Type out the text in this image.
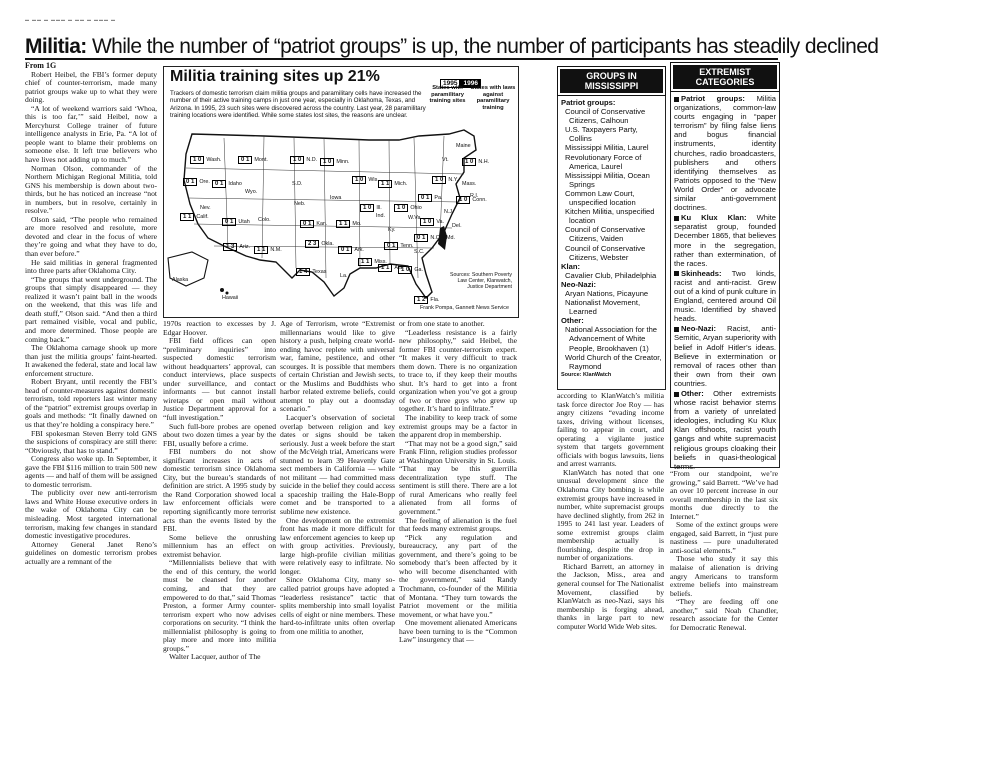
▬ ▬▬ ▬ ▬▬▬ ▬ ▬▬ ▬ ▬▬▬ ▬
Militia: While the number of “patriot groups” is up, the number of participants has steadily declined
From 1G

Robert Heibel, the FBI’s former deputy chief of counter-terrorism, made many patriot groups wake up to what they were doing.

“A lot of weekend warriors said ‘Whoa, this is too far,’” said Heibel, now a Mercyhurst College trainer of future intelligence analysts in Erie, Pa. “A lot of people want to blame their problems on someone else. It left true believers who have lives not adding up to much.”

Norman Olson, commander of the Northern Michigan Regional Militia, told GNS his membership is down about two-thirds, but he has noticed an increase “not in numbers, but in resolve, certainly in resolve.”

Olson said, “The people who remained are more resolved and resolute, more devoted and clear in the focus of where they’re going and what they have to do, than ever before.”

He said militias in general fragmented into three parts after Oklahoma City.

“The groups that went underground. The groups that simply disappeared — they realized it wasn’t paint ball in the woods on the weekend, that this was life and death stuff,” Olson said. “And then a third part remained visible, vocal and public, and more determined. Those people are coming back.”

The Oklahoma carnage shook up more than just the militia groups’ faint-hearted. It awakened the federal, state and local law enforcement structure.

Robert Bryant, until recently the FBI’s head of counter-measures against domestic terrorism, told reporters last winter many of the “patriot” extremist groups overlap in goals and methods: “It finally dawned on us that they’re holding a conspiracy here.”

FBI spokesman Steven Berry told GNS the suspicions of conspiracy are still there: “Obviously, that has to stand.”

Congress also woke up. In September, it gave the FBI $116 million to train 500 new agents — and half of them will be assigned to domestic terrorism.

The publicity over new anti-terrorism laws and White House executive orders in the wake of Oklahoma City can be misleading. Most targeted international terrorism, making few changes in standard domestic investigative procedures.

Attorney General Janet Reno’s guidelines on domestic terrorism probes actually are a remnant of the

Militia training sites up 21%
Trackers of domestic terrorism claim militia groups and paramilitary cells have increased the number of their active training camps in just one year, especially in Oklahoma, Texas, and Arizona. In 1995, 23 such sites were discovered across the country. Last year, 28 paramilitary training locations were identified. While some states lost sites, the reasons are unclear.
1995 1996
States with paramilitary training sites
States with laws against paramilitary training
1 0 Wash.
0 1 Ore.
1 1 Calif.
0 1 Idaho
Nev.
0 1 Mont.
0 1 Utah
1 3 Ariz.
Wyo.
Colo.
1 1 N.M.
1 0 N.D.
S.D.
Neb.
0 1 Kan.
2 3 Okla.
1 4 Texas
1 0 Minn.
Iowa
1 1 Mo.
0 1 Ark.
La.
1 0 Wis.
1 0 Ill.
1 1 Mich.
Ind.
1 0 Ohio
Ky.
0 1 Tenn.
1 1 Miss.
1 1 Ala.
1 0 Ga.
1 2 Fla.
S.C.
0 1 N.C.
1 0 Va.
W.Va.
0 1 Pa.
1 0 N.Y.
Vt.
Maine
1 0 N.H.
Mass.
R.I.
1 0 Conn.
N.J.
Del.
Md.
Alaska
Hawaii
Sources: Southern Poverty Law Center, Klanwatch, Justice Department
Frank Pompa, Gannett News Service

1970s reaction to excesses by J. Edgar Hoover.

FBI field offices can open “preliminary inquiries” into suspected domestic terrorism without headquarters’ approval, can conduct interviews, place suspects under surveillance, and contact informants — but cannot install wiretaps or open mail without Justice Department approval for a “full investigation.”

Such full-bore probes are opened about two dozen times a year by the FBI, usually before a crime.

FBI numbers do not show significant increases in acts of domestic terrorism since Oklahoma City, but the bureau’s standards of definition are strict. A 1995 study by the Rand Corporation showed local law enforcement officials were reporting significantly more terrorist acts than the events listed by the FBI.

Some believe the onrushing millennium has an effect on extremist behavior.

“Millennialists believe that with the end of this century, the world must be cleansed for another coming, and that they are empowered to do that,” said Thomas Preston, a former Army counter-terrorism expert who now advises corporations on security. “I think the millennialist philosophy is going to play more and more into militia groups.”

Walter Lacquer, author of The

Age of Terrorism, wrote “Extremist millennarians would like to give history a push, helping create world-ending havoc replete with universal war, famine, pestilence, and other scourges. It is possible that members of certain Christian and Jewish sects, or the Muslims and Buddhists who harbor related extreme beliefs, could attempt to play out a doomsday scenario.”

Lacquer’s observation of societal overlap between religion and key dates or signs should be taken seriously. Just a week before the start of the McVeigh trial, Americans were stunned to learn 39 Heavenly Gate sect members in California — while not militant — had committed mass suicide in the belief they could access a spaceship trailing the Hale-Bopp comet and be transported to a sublime new existence.

One development on the extremist front has made it more difficult for law enforcement agencies to keep up with group activities. Previously, large high-profile civilian militias were relatively easy to infiltrate. No longer.

Since Oklahoma City, many so-called patriot groups have adopted a “leaderless resistance” tactic that splits membership into small loyalist cells of eight or nine members. These hard-to-infiltrate units often overlap from one militia to another,

or from one state to another.

“Leaderless resistance is a fairly new philosophy,” said Heibel, the former FBI counter-terrorism expert. “It makes it very difficult to track them down. There is no organization to trace to, if they keep their mouths shut. It’s hard to get into a front organization when you’ve got a group of two or three guys who grew up together. It’s hard to infiltrate.”

The inability to keep track of some extremist groups may be a factor in the apparent drop in membership.

“That may not be a good sign,” said Frank Flinn, religion studies professor at Washington University in St. Louis. “That may be this guerrilla decentralization type stuff. The sentiment is still there. There are a lot of rural Americans who really feel alienated from all forms of government.”

The feeling of alienation is the fuel that feeds many extremist groups.

“Pick any regulation and bureaucracy, any part of the government, and there’s going to be somebody that’s been affected by it who will become disenchanted with the government,” said Randy Trochmann, co-founder of the Militia of Montana. “They turn towards the Patriot movement or the militia movement, or what have you.”

One movement alienated Americans have been turning to is the “Common Law” insurgency that —

according to KlanWatch’s militia task force director Joe Roy — has angry citizens “evading income taxes, driving without licenses, failing to appear in court, and operating a vigilante justice system that targets government officials with bogus lawsuits, liens and arrest warrants.

KlanWatch has noted that one unusual development since the Oklahoma City bombing is while extremist groups have increased in number, white supremacist groups have declined slightly, from 262 in 1995 to 241 last year. Leaders of some extremist groups claim membership actually is flourishing, despite the drop in number of organizations.

Richard Barrett, an attorney in the Jackson, Miss., area and general counsel for The Nationalist Movement, classified by KlanWatch as neo-Nazi, says his membership is forging ahead, thanks in large part to new computer World Wide Web sites.

“From our standpoint, we’re growing,” said Barrett. “We’ve had an over 10 percent increase in our overall membership in the last six months due directly to the Internet.”

Some of the extinct groups were engaged, said Barrett, in “just pure nastiness — pure unadulterated anti-social elements.”

Those who study it say this malaise of alienation is driving angry Americans to transform extreme beliefs into mainstream beliefs.

“They are feeding off one another,” said Noah Chandler, research associate for the Center for Democratic Renewal.

GROUPS IN MISSISSIPPI

Patriot groups:

Council of Conservative Citizens, Calhoun

U.S. Taxpayers Party, Collins

Mississippi Militia, Laurel

Revolutionary Force of America, Laurel

Mississippi Militia, Ocean Springs

Common Law Court, unspecified location

Kitchen Militia, unspecified location

Council of Conservative Citizens, Vaiden

Council of Conservative Citizens, Webster

Klan:

Cavalier Club, Philadelphia

Neo-Nazi:

Aryan Nations, Picayune

Nationalist Movement, Learned

Other:

National Association for the Advancement of White People, Brookhaven (1)

World Church of the Creator, Raymond

Source: KlanWatch

EXTREMIST CATEGORIES

Patriot groups: Militia organizations, common-law courts engaging in “paper terrorism” by filing false liens and bogus financial instruments, identity churches, radio broadcasters, publishers and others identifying themselves as Patriots opposed to the “New World Order” or advocate similar anti-government doctrines.

Ku Klux Klan: White separatist group, founded December 1865, that believes more in the segregation, rather than extermination, of the races.

Skinheads: Two kinds, racist and anti-racist. Grew out of a kind of punk culture in England, centered around Oil music. Identified by shaved heads.

Neo-Nazi: Racist, anti-Semitic, Aryan superiority with belief in Adolf Hitler’s ideas. Believe in extermination or removal of races other than their own from their own countries.

Other: Other extremists whose racist behavior stems from a variety of unrelated ideologies, including Ku Klux Klan offshoots, racist youth gangs and white supremacist religious groups cloaking their beliefs in quasi-theological terms.
